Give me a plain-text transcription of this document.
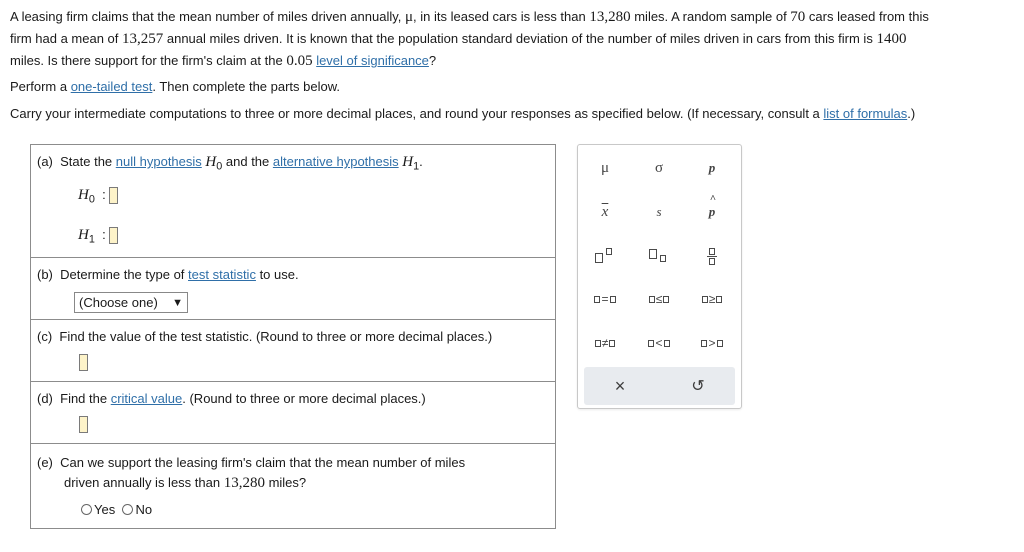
A leasing firm claims that the mean number of miles driven annually, μ, in its leased cars is less than 13,280 miles. A random sample of 70 cars leased from this

firm had a mean of 13,257 annual miles driven. It is known that the population standard deviation of the number of miles driven in cars from this firm is 1400

miles. Is there support for the firm's claim at the 0.05 level of significance?

Perform a one-tailed test. Then complete the parts below.
Carry your intermediate computations to three or more decimal places, and round your responses as specified below. (If necessary, consult a list of formulas.)
(a) State the null hypothesis $H_0$ and the alternative hypothesis $H_1$.
$H_0$ :
$H_1$ :
(b) Determine the type of test statistic to use.
(Choose one) ▼
(c) Find the value of the test statistic. (Round to three or more decimal places.)
(d) Find the critical value. (Round to three or more decimal places.)
(e) Can we support the leasing firm's claim that the mean number of miles
driven annually is less than 13,280 miles?
Yes No
μ	σ	p
$\overline{x}$	s
^
p
=	≤	≥
≠	<	>
×	↺
